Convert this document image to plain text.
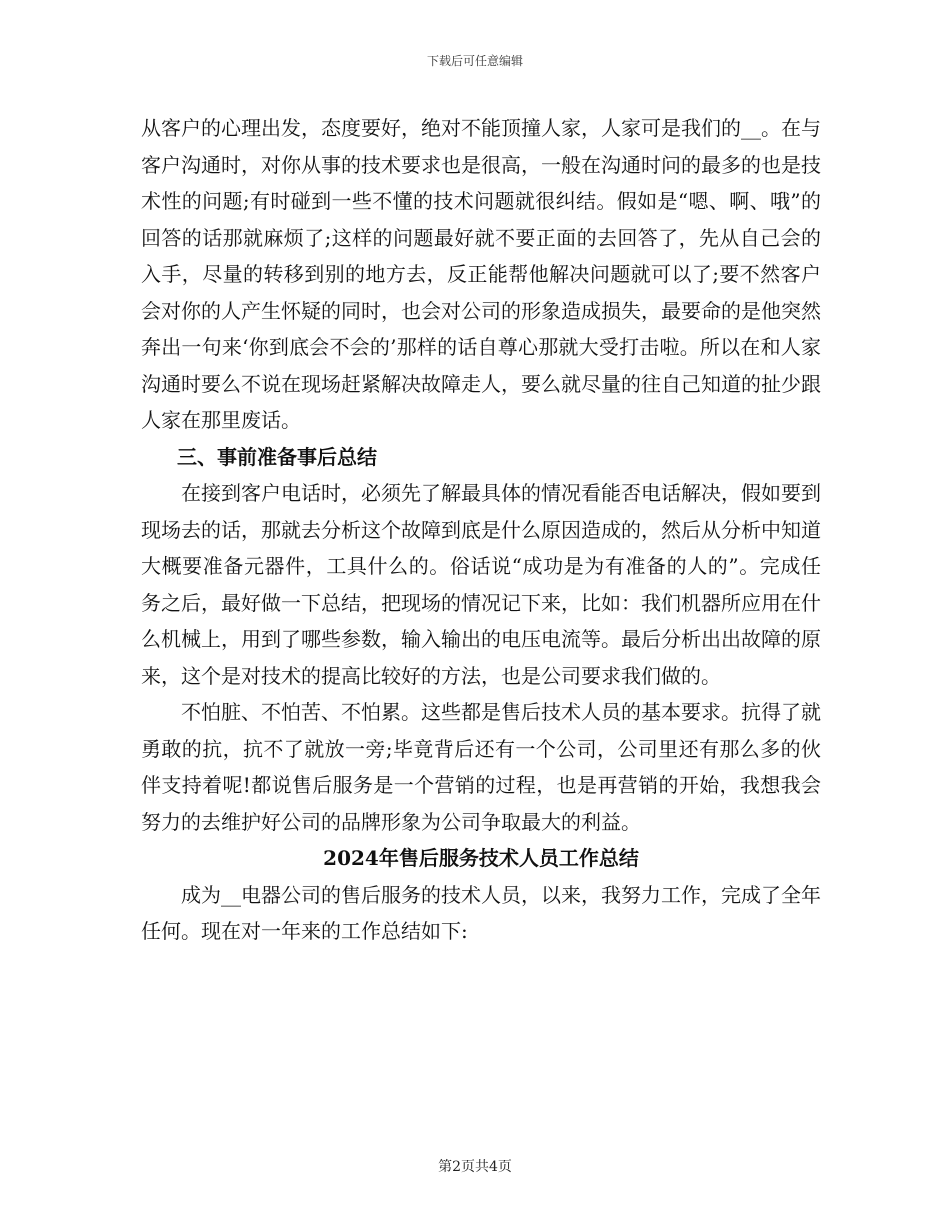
下载后可任意编辑

从客户的心理出发，态度要好，绝对不能顶撞人家，人家可是我们的__。在与客户沟通时，对你从事的技术要求也是很高，一般在沟通时问的最多的也是技术性的问题;有时碰到一些不懂的技术问题就很纠结。假如是“嗯、啊、哦”的回答的话那就麻烦了;这样的问题最好就不要正面的去回答了，先从自己会的入手，尽量的转移到别的地方去，反正能帮他解决问题就可以了;要不然客户会对你的人产生怀疑的同时，也会对公司的形象造成损失，最要命的是他突然奔出一句来‘你到底会不会的’那样的话自尊心那就大受打击啦。所以在和人家沟通时要么不说在现场赶紧解决故障走人，要么就尽量的往自己知道的扯少跟人家在那里废话。

三、事前准备事后总结

在接到客户电话时，必须先了解最具体的情况看能否电话解决，假如要到现场去的话，那就去分析这个故障到底是什么原因造成的，然后从分析中知道大概要准备元器件，工具什么的。俗话说“成功是为有准备的人的”。完成任务之后，最好做一下总结，把现场的情况记下来，比如：我们机器所应用在什么机械上，用到了哪些参数，输入输出的电压电流等。最后分析出出故障的原来，这个是对技术的提高比较好的方法，也是公司要求我们做的。

不怕脏、不怕苦、不怕累。这些都是售后技术人员的基本要求。抗得了就勇敢的抗，抗不了就放一旁;毕竟背后还有一个公司，公司里还有那么多的伙伴支持着呢!都说售后服务是一个营销的过程，也是再营销的开始，我想我会努力的去维护好公司的品牌形象为公司争取最大的利益。

2024年售后服务技术人员工作总结

成为__电器公司的售后服务的技术人员，以来，我努力工作，完成了全年任何。现在对一年来的工作总结如下:

第2页共4页
